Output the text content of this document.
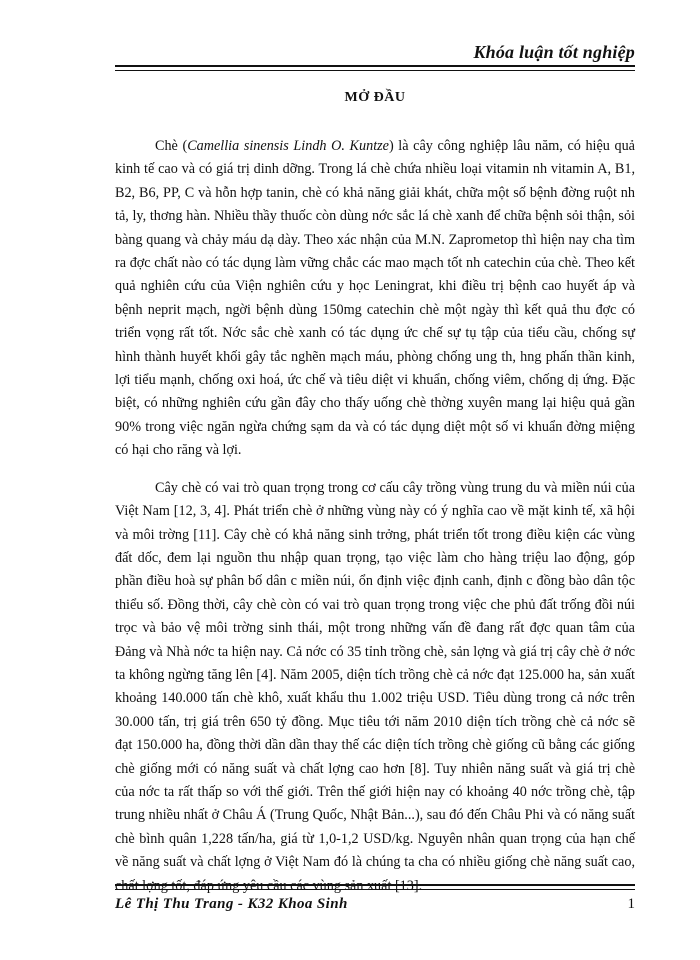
Khóa luận tốt nghiệp
MỞ ĐẦU

Chè (Camellia sinensis Lindh O. Kuntze) là cây công nghiệp lâu năm, có hiệu quả kinh tế cao và có giá trị dinh dỡng. Trong lá chè chứa nhiều loại vitamin nh vitamin A, B1, B2, B6, PP, C và hỗn hợp tanin, chè có khả năng giải khát, chữa một số bệnh đờng ruột nh tả, ly, thơng hàn. Nhiều thầy thuốc còn dùng nớc sắc lá chè xanh để chữa bệnh sỏi thận, sỏi bàng quang và chảy máu dạ dày. Theo xác nhận của M.N. Zaprometop thì hiện nay cha tìm ra đợc chất nào có tác dụng làm vững chắc các mao mạch tốt nh catechin của chè. Theo kết quả nghiên cứu của Viện nghiên cứu y học Leningrat, khi điều trị bệnh cao huyết áp và bệnh neprit mạch, ngời bệnh dùng 150mg catechin chè một ngày thì kết quả thu đợc có triển vọng rất tốt. Nớc sắc chè xanh có tác dụng ức chế sự tụ tập của tiểu cầu, chống sự hình thành huyết khối gây tắc nghẽn mạch máu, phòng chống ung th, hng phấn thần kinh, lợi tiểu mạnh, chống oxi hoá, ức chế và tiêu diệt vi khuẩn, chống viêm, chống dị ứng. Đặc biệt, có những nghiên cứu gần đây cho thấy uống chè thờng xuyên mang lại hiệu quả gần 90% trong việc ngăn ngừa chứng sạm da và có tác dụng diệt một số vi khuẩn đờng miệng có hại cho răng và lợi.

Cây chè có vai trò quan trọng trong cơ cấu cây trồng vùng trung du và miền núi của Việt Nam [12, 3, 4]. Phát triển chè ở những vùng này có ý nghĩa cao về mặt kinh tế, xã hội và môi trờng [11]. Cây chè có khả năng sinh trởng, phát triển tốt trong điều kiện các vùng đất dốc, đem lại nguồn thu nhập quan trọng, tạo việc làm cho hàng triệu lao động, góp phần điều hoà sự phân bố dân c miền núi, ổn định việc định canh, định c đồng bào dân tộc thiểu số. Đồng thời, cây chè còn có vai trò quan trọng trong việc che phủ đất trống đồi núi trọc và bảo vệ môi trờng sinh thái, một trong những vấn đề đang rất đợc quan tâm của Đảng và Nhà nớc ta hiện nay. Cả nớc có 35 tỉnh trồng chè, sản lợng và giá trị cây chè ở nớc ta không ngừng tăng lên [4]. Năm 2005, diện tích trồng chè cả nớc đạt 125.000 ha, sản xuất khoảng 140.000 tấn chè khô, xuất khẩu thu 1.002 triệu USD. Tiêu dùng trong cả nớc trên 30.000 tấn, trị giá trên 650 tỷ đồng. Mục tiêu tới năm 2010 diện tích trồng chè cả nớc sẽ đạt 150.000 ha, đồng thời dần dần thay thế các diện tích trồng chè giống cũ bằng các giống chè giống mới có năng suất và chất lợng cao hơn [8]. Tuy nhiên năng suất và giá trị chè của nớc ta rất thấp so với thế giới. Trên thế giới hiện nay có khoảng 40 nớc trồng chè, tập trung nhiều nhất ở Châu Á (Trung Quốc, Nhật Bản...), sau đó đến Châu Phi và có năng suất chè bình quân 1,228 tấn/ha, giá từ 1,0-1,2 USD/kg. Nguyên nhân quan trọng của hạn chế về năng suất và chất lợng ở Việt Nam đó là chúng ta cha có nhiều giống chè năng suất cao, chất lợng tốt, đáp ứng yêu cầu các vùng sản xuất [13].

Lê Thị Thu Trang - K32 Khoa Sinh	1
